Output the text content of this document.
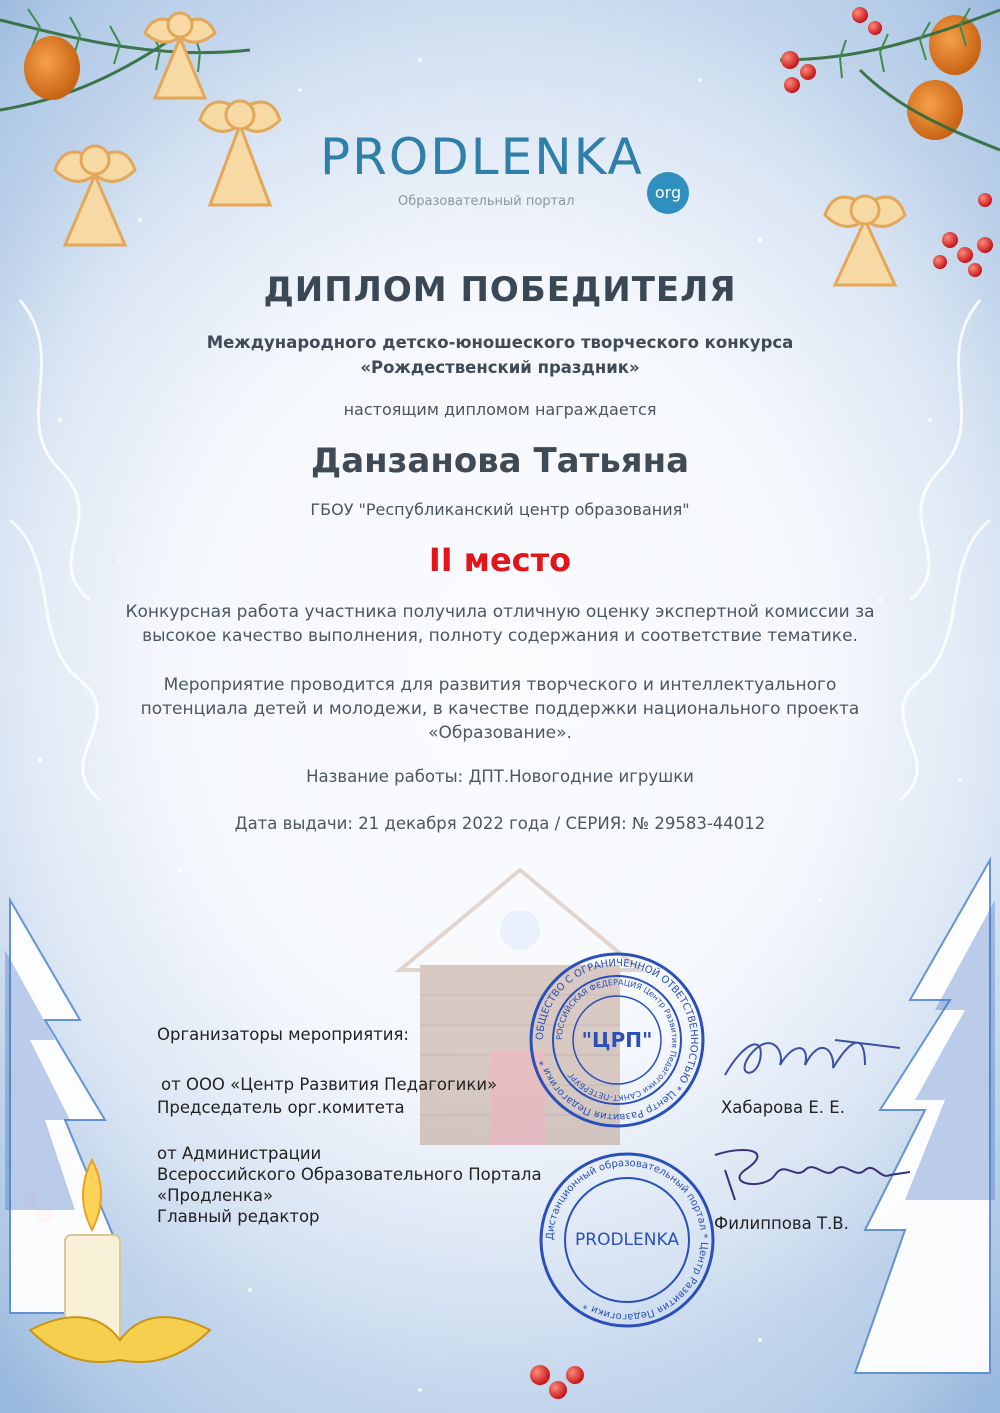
PRODLENKA
org
Образовательный портал
ДИПЛОМ ПОБЕДИТЕЛЯ
Международного детско-юношеского творческого конкурса
«Рождественский праздник»
настоящим дипломом награждается
Данзанова Татьяна
ГБОУ "Республиканский центр образования"
II место
Конкурсная работа участника получила отличную оценку экспертной комиссии за
высокое качество выполнения, полноту содержания и соответствие тематике.
Мероприятие проводится для развития творческого и интеллектуального
потенциала детей и молодежи, в качестве поддержки национального проекта
«Образование».
Название работы: ДПТ.Новогодние игрушки
Дата выдачи: 21 декабря 2022 года / СЕРИЯ: № 29583-44012
Организаторы мероприятия:
от ООО «Центр Развития Педагогики»
Председатель орг.комитета	Хабарова Е. Е.
от Администрации
Всероссийского Образовательного Портала
«Продленка»
Главный редактор	Филиппова Т.В.
ОБЩЕСТВО С ОГРАНИЧЕННОЙ ОТВЕТСТВЕННОСТЬЮ * Центр Развития Педагогики *
РОССИЙСКАЯ ФЕДЕРАЦИЯ Центр Развития Педагогики САНКТ-ПЕТЕРБУРГ
"ЦРП"
Дистанционный образовательный портал * Центр Развития Педагогики *
PRODLENKA
